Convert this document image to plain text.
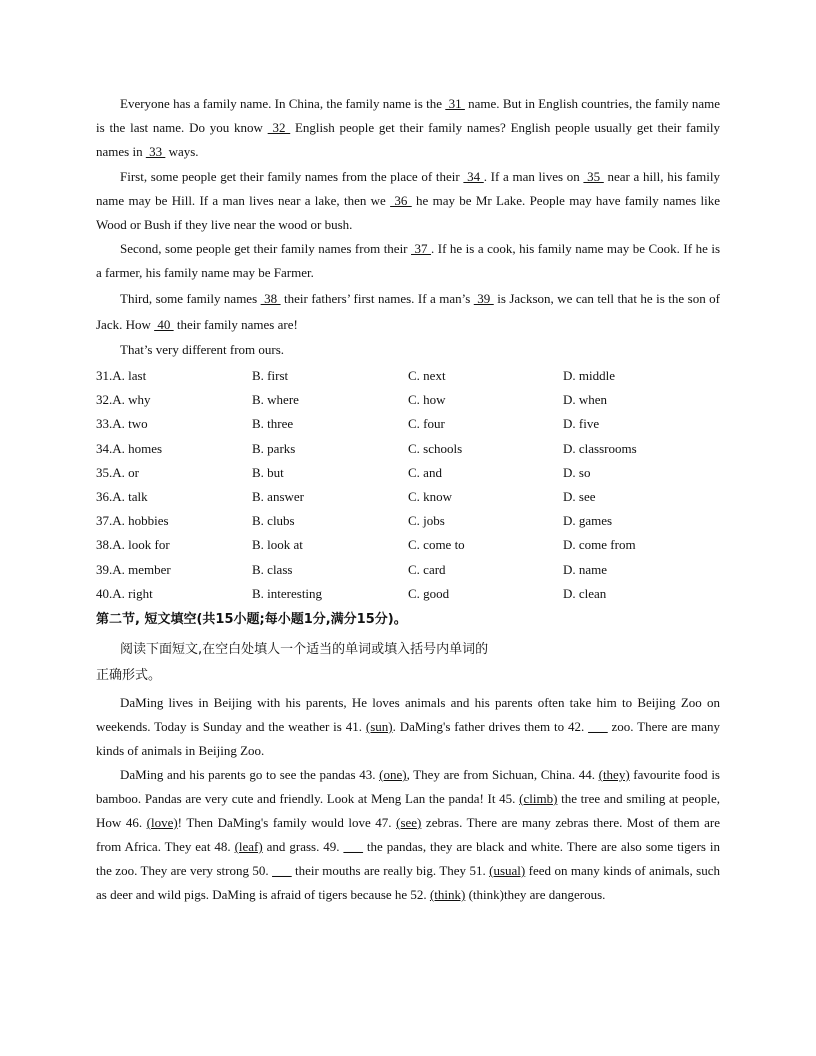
Everyone has a family name. In China, the family name is the  31  name. But in English countries, the family name is the last name. Do you know  32  English people get their family names? English people usually get their family names in  33  ways.

First, some people get their family names from the place of their  34 . If a man lives on  35  near a hill, his family name may be Hill. If a man lives near a lake, then we  36  he may be Mr Lake. People may have family names like Wood or Bush if they live near the wood or bush.

Second, some people get their family names from their  37 . If he is a cook, his family name may be Cook. If he is a farmer, his family name may be Farmer.

Third, some family names  38  their fathers’ first names. If a man’s  39  is Jackson, we can tell that he is the son of Jack. How  40  their family names are!

That’s very different from ours.

31.A. last	B. first	C. next	D. middle
32.A. why	B. where	C. how	D. when
33.A. two	B. three	C. four	D. five
34.A. homes	B. parks	C. schools	D. classrooms
35.A. or	B. but	C. and	D. so
36.A. talk	B. answer	C. know	D. see
37.A. hobbies	B. clubs	C. jobs	D. games
38.A. look for	B. look at	C. come to	D. come from
39.A. member	B. class	C. card	D. name
40.A. right	B. interesting	C. good	D. clean

第二节, 短文填空(共15小题;每小题1分,满分15分)。

阅读下面短文,在空白处填人一个适当的单词或填入括号内单词的

正确形式。

DaMing lives in Beijing with his parents, He loves animals and his parents often take him to Beijing Zoo on weekends. Today is Sunday and the weather is 41. (sun). DaMing's father drives them to 42. ___ zoo. There are many kinds of animals in Beijing Zoo.

DaMing and his parents go to see the pandas 43. (one), They are from Sichuan, China. 44. (they) favourite food is bamboo. Pandas are very cute and friendly. Look at Meng Lan the panda! It 45. (climb) the tree and smiling at people, How 46. (love)! Then DaMing's family would love 47. (see) zebras. There are many zebras there. Most of them are from Africa. They eat 48. (leaf) and grass. 49. ___ the pandas, they are black and white. There are also some tigers in the zoo. They are very strong 50. ___ their mouths are really big. They 51. (usual) feed on many kinds of animals, such as deer and wild pigs. DaMing is afraid of tigers because he 52. (think) (think)they are dangerous.
